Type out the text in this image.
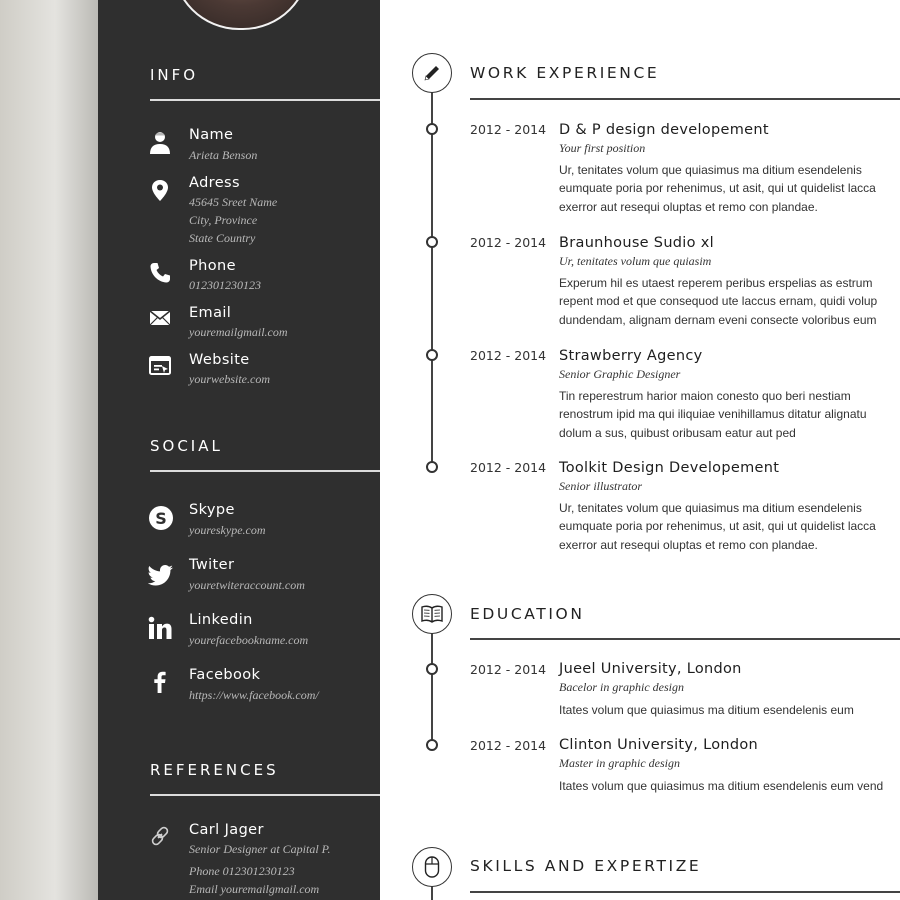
INFO
Name
Arieta Benson
Adress
45645 Sreet Name
City, Province
State Country
Phone
012301230123
Email
youremailgmail.com
Website
yourwebsite.com
SOCIAL
S Skype
youreskype.com
Twiter
youretwiteraccount.com
Linkedin
yourefacebookname.com
Facebook
https://www.facebook.com/
REFERENCES
Carl Jager
Senior Designer at Capital P.
Phone 012301230123
Email youremailgmail.com
WORK EXPERIENCE
2012 - 2014 D & P design developement
Your first position
Ur, tenitates volum que quiasimus ma ditium esendelenis
eumquate poria por rehenimus, ut asit, qui ut quidelist lacca
exerror aut resequi oluptas et remo con plandae.
2012 - 2014 Braunhouse Sudio xl
Ur, tenitates volum que quiasim
Experum hil es utaest reperem peribus erspelias as estrum
repent mod et que consequod ute laccus ernam, quidi volup
dundendam, alignam dernam eveni consecte voloribus eum
2012 - 2014 Strawberry Agency
Senior Graphic Designer
Tin reperestrum harior maion conesto quo beri nestiam
renostrum ipid ma qui iliquiae venihillamus ditatur alignatu
dolum a sus, quibust oribusam eatur aut ped
2012 - 2014 Toolkit Design Developement
Senior illustrator
Ur, tenitates volum que quiasimus ma ditium esendelenis
eumquate poria por rehenimus, ut asit, qui ut quidelist lacca
exerror aut resequi oluptas et remo con plandae.
EDUCATION
2012 - 2014 Jueel University, London
Bacelor in graphic design
Itates volum que quiasimus ma ditium esendelenis eum
2012 - 2014 Clinton University, London
Master in graphic design
Itates volum que quiasimus ma ditium esendelenis eum vend
SKILLS AND EXPERTIZE
